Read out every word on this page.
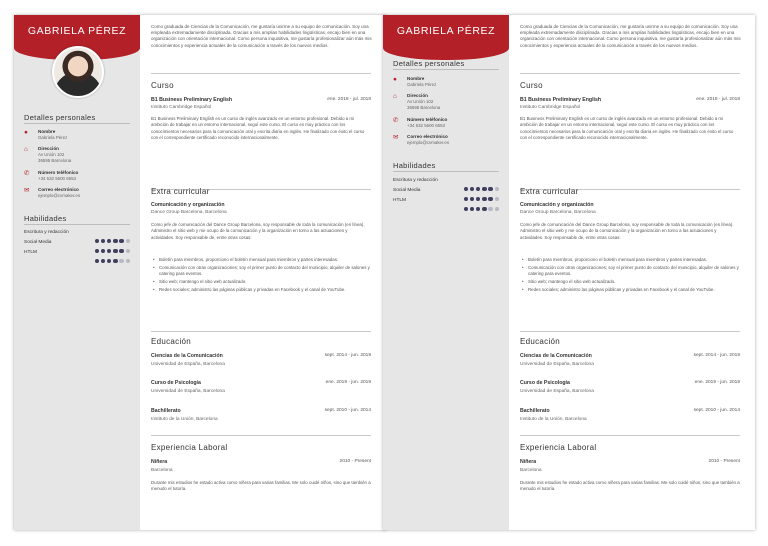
GABRIELA PÉREZ
Detalles personales
●	Nombre
Gabriela Pérez
⌂	Dirección
Av Unión 102
36595 Barcelona
✆	Número teléfonico
+34 532 5600 6553
✉	Correo electrónico
ejemplo@cvmaker.es
Habilidades
Escritura y redacción
Social Media
HTLM
Como graduada de Ciencias de la Comunicación, me gustaría unirme a su equipo de comunicación. Soy una empleada extremadamente disciplinada. Gracias a mis amplias habilidades lingüísticas, encajo bien en una organización con orientación internacional. Como persona inquisitiva, me gustaría profesionalizar aún más mis conocimientos y experiencia actuales de la comunicación a través de los nuevos medios.
Curso
B1 Business Preliminary English	ene. 2018 - jul. 2018
Instituto Cambridge Español
B1 Business Preliminary English es un curso de inglés avanzado en un entorno profesional. Debido a mi ambición de trabajar en un entorno internacional, seguí este curso. El curso es muy práctico con los conocimientos necesarios para la comunicación oral y escrita diaria en inglés. He finalizado con éxito el curso con el correspondiente certificado reconocido internacionalmente.
Extra curricular
Comunicación y organización
Dance Group Barcelona, Barcelona
Como jefe de comunicación del Dance Group Barcelona, soy responsable de toda la comunicación (en línea). Administro el sitio web y me ocupo de la comunicación y la organización en torno a las actuaciones y actividades. Soy responsable de, entre otras cosas:
• Boletín para miembros, proporciono el boletín mensual para miembros y partes interesadas.
• Comunicación con otras organizaciones; soy el primer punto de contacto del municipio, alquiler de salones y catering para eventos.
• Sitio web; mantengo el sitio web actualizado.
• Redes sociales; administro las páginas públicas y privadas en Facebook y el canal de YouTube.
Educación
Ciencias de la Comunicación	sept. 2014 - jun. 2019
Universidad de España, Barcelona
Curso de Psicología	ene. 2019 - jun. 2019
Universidad de España, Barcelona
Bachillerato	sept. 2010 - jun. 2014
Instituto de la Unión, Barcelona
Experiencia Laboral
Niñera	2010 - Present
Barcelona
Durante mis estudios he estado activa como niñera para varias familias. Me solo cuidé niños, sino que también a menudo el tutoría.
GABRIELA PÉREZ
Detalles personales
●	Nombre
Gabriela Pérez
⌂	Dirección
Av Unión 102
36595 Barcelona
✆	Número teléfonico
+34 532 5600 6553
✉	Correo electrónico
ejemplo@cvmaker.es
Habilidades
Escritura y redacción
Social Media
HTLM
Como graduada de Ciencias de la Comunicación, me gustaría unirme a su equipo de comunicación. Soy una empleada extremadamente disciplinada. Gracias a mis amplias habilidades lingüísticas, encajo bien en una organización con orientación internacional. Como persona inquisitiva, me gustaría profesionalizar aún más mis conocimientos y experiencia actuales de la comunicación a través de los nuevos medios.
Curso
B1 Business Preliminary English	ene. 2018 - jul. 2018
Instituto Cambridge Español
B1 Business Preliminary English es un curso de inglés avanzado en un entorno profesional. Debido a mi ambición de trabajar en un entorno internacional, seguí este curso. El curso es muy práctico con los conocimientos necesarios para la comunicación oral y escrita diaria en inglés. He finalizado con éxito el curso con el correspondiente certificado reconocido internacionalmente.
Extra curricular
Comunicación y organización
Dance Group Barcelona, Barcelona
Como jefe de comunicación del Dance Group Barcelona, soy responsable de toda la comunicación (en línea). Administro el sitio web y me ocupo de la comunicación y la organización en torno a las actuaciones y actividades. Soy responsable de, entre otras cosas:
• Boletín para miembros, proporciono el boletín mensual para miembros y partes interesadas.
• Comunicación con otras organizaciones; soy el primer punto de contacto del municipio, alquiler de salones y catering para eventos.
• Sitio web; mantengo el sitio web actualizado.
• Redes sociales; administro las páginas públicas y privadas en Facebook y el canal de YouTube.
Educación
Ciencias de la Comunicación	sept. 2014 - jun. 2019
Universidad de España, Barcelona
Curso de Psicología	ene. 2019 - jun. 2019
Universidad de España, Barcelona
Bachillerato	sept. 2010 - jun. 2014
Instituto de la Unión, Barcelona
Experiencia Laboral
Niñera	2010 - Present
Barcelona
Durante mis estudios he estado activa como niñera para varias familias. Me solo cuidé niños, sino que también a menudo el tutoría.
